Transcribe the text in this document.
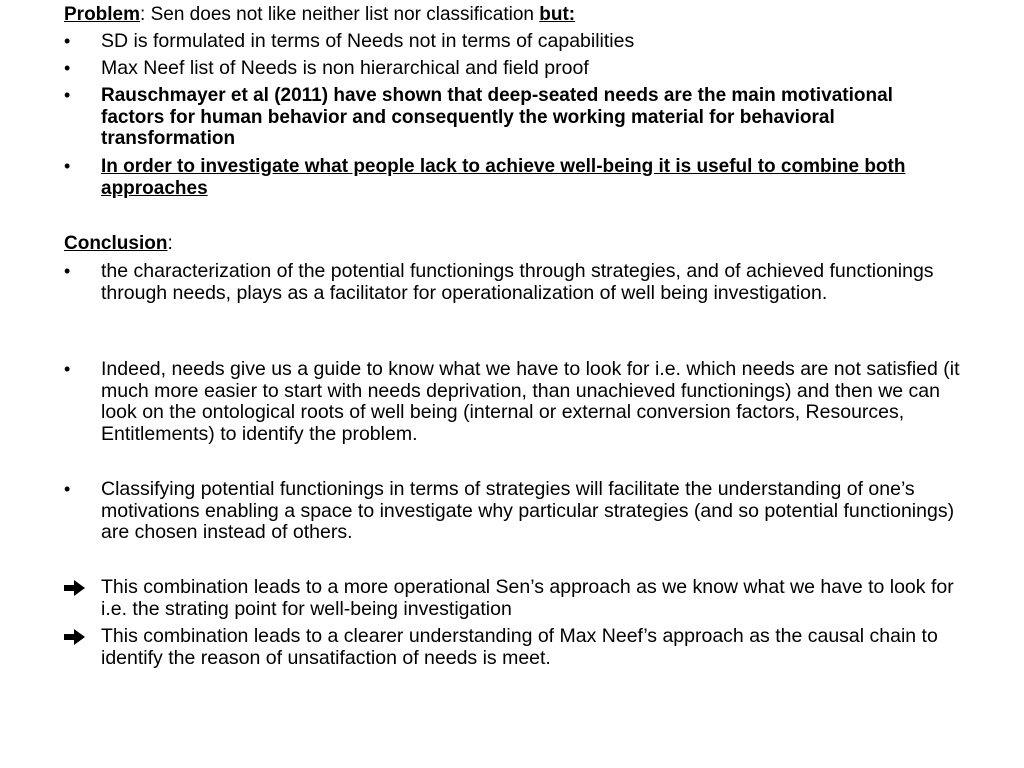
Problem: Sen does not like neither list nor classification but:

•	SD is formulated in terms of Needs not in terms of capabilities

•	Max Neef list of Needs is non hierarchical and field proof

•	Rauschmayer et al (2011) have shown that deep-seated needs are the main motivational factors for human behavior and consequently the working material for behavioral transformation

•	In order to investigate what people lack to achieve well-being it is useful to combine both approaches

Conclusion:

•	the characterization of the potential functionings through strategies, and of achieved functionings through needs, plays as a facilitator for operationalization of well being investigation.

•	Indeed, needs give us a guide to know what we have to look for i.e. which needs are not satisfied (it much more easier to start with needs deprivation, than unachieved functionings) and then we can look on the ontological roots of well being (internal or external conversion factors, Resources, Entitlements) to identify the problem.

•	Classifying potential functionings in terms of strategies will facilitate the understanding of one’s motivations enabling a space to investigate why particular strategies (and so potential functionings) are chosen instead of others.

This combination leads to a more operational Sen’s approach as we know what we have to look for i.e. the strating point for well-being investigation

This combination leads to a clearer understanding of Max Neef’s approach as the causal chain to identify the reason of unsatifaction of needs is meet.
